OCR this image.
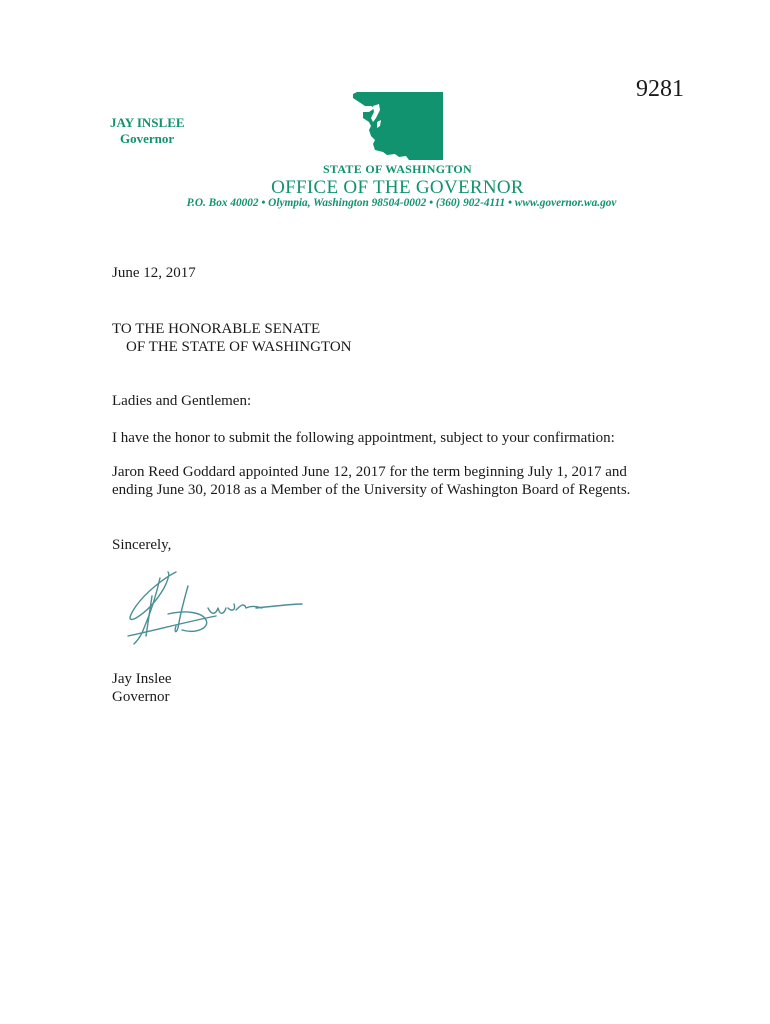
9281
JAY INSLEE
Governor
STATE OF WASHINGTON
OFFICE OF THE GOVERNOR
P.O. Box 40002 • Olympia, Washington 98504-0002 • (360) 902-4111 • www.governor.wa.gov
June 12, 2017
TO THE HONORABLE SENATE
OF THE STATE OF WASHINGTON
Ladies and Gentlemen:
I have the honor to submit the following appointment, subject to your confirmation:
Jaron Reed Goddard appointed June 12, 2017 for the term beginning July 1, 2017 and
ending June 30, 2018 as a Member of the University of Washington Board of Regents.
Sincerely,
Jay Inslee
Governor
